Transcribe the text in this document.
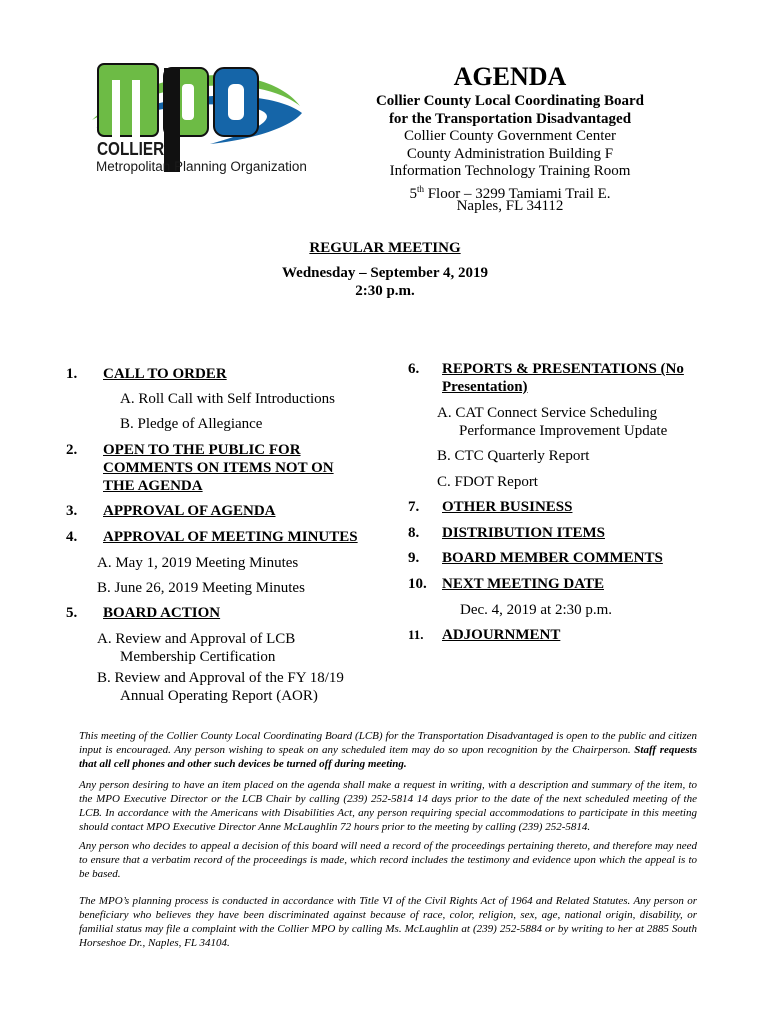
COLLIER
Metropolitan Planning Organization
AGENDA
Collier County Local Coordinating Board
for the Transportation Disadvantaged
Collier County Government Center
County Administration Building F
Information Technology Training Room
5th Floor – 3299 Tamiami Trail E.
Naples, FL 34112
REGULAR MEETING
Wednesday – September 4, 2019
2:30 p.m.
1. CALL TO ORDER
A. Roll Call with Self Introductions
B. Pledge of Allegiance
2. OPEN TO THE PUBLIC FOR
COMMENTS ON ITEMS NOT ON
THE AGENDA
3. APPROVAL OF AGENDA
4. APPROVAL OF MEETING MINUTES
A. May 1, 2019 Meeting Minutes
B. June 26, 2019 Meeting Minutes
5. BOARD ACTION
A. Review and Approval of LCB
Membership Certification
B. Review and Approval of the FY 18/19
Annual Operating Report (AOR)
6. REPORTS & PRESENTATIONS (No
Presentation)
A. CAT Connect Service Scheduling
Performance Improvement Update
B. CTC Quarterly Report
C. FDOT Report
7. OTHER BUSINESS
8. DISTRIBUTION ITEMS
9. BOARD MEMBER COMMENTS
10. NEXT MEETING DATE
Dec. 4, 2019 at 2:30 p.m.
11. ADJOURNMENT
This meeting of the Collier County Local Coordinating Board (LCB) for the Transportation Disadvantaged is open to the public and citizen input is encouraged. Any person wishing to speak on any scheduled item may do so upon recognition by the Chairperson. Staff requests that all cell phones and other such devices be turned off during meeting.
Any person desiring to have an item placed on the agenda shall make a request in writing, with a description and summary of the item, to the MPO Executive Director or the LCB Chair by calling (239) 252-5814 14 days prior to the date of the next scheduled meeting of the LCB. In accordance with the Americans with Disabilities Act, any person requiring special accommodations to participate in this meeting should contact MPO Executive Director Anne McLaughlin 72 hours prior to the meeting by calling (239) 252-5814.
Any person who decides to appeal a decision of this board will need a record of the proceedings pertaining thereto, and therefore may need to ensure that a verbatim record of the proceedings is made, which record includes the testimony and evidence upon which the appeal is to be based.
The MPO’s planning process is conducted in accordance with Title VI of the Civil Rights Act of 1964 and Related Statutes. Any person or beneficiary who believes they have been discriminated against because of race, color, religion, sex, age, national origin, disability, or familial status may file a complaint with the Collier MPO by calling Ms. McLaughlin at (239) 252-5884 or by writing to her at 2885 South Horseshoe Dr., Naples, FL 34104.
